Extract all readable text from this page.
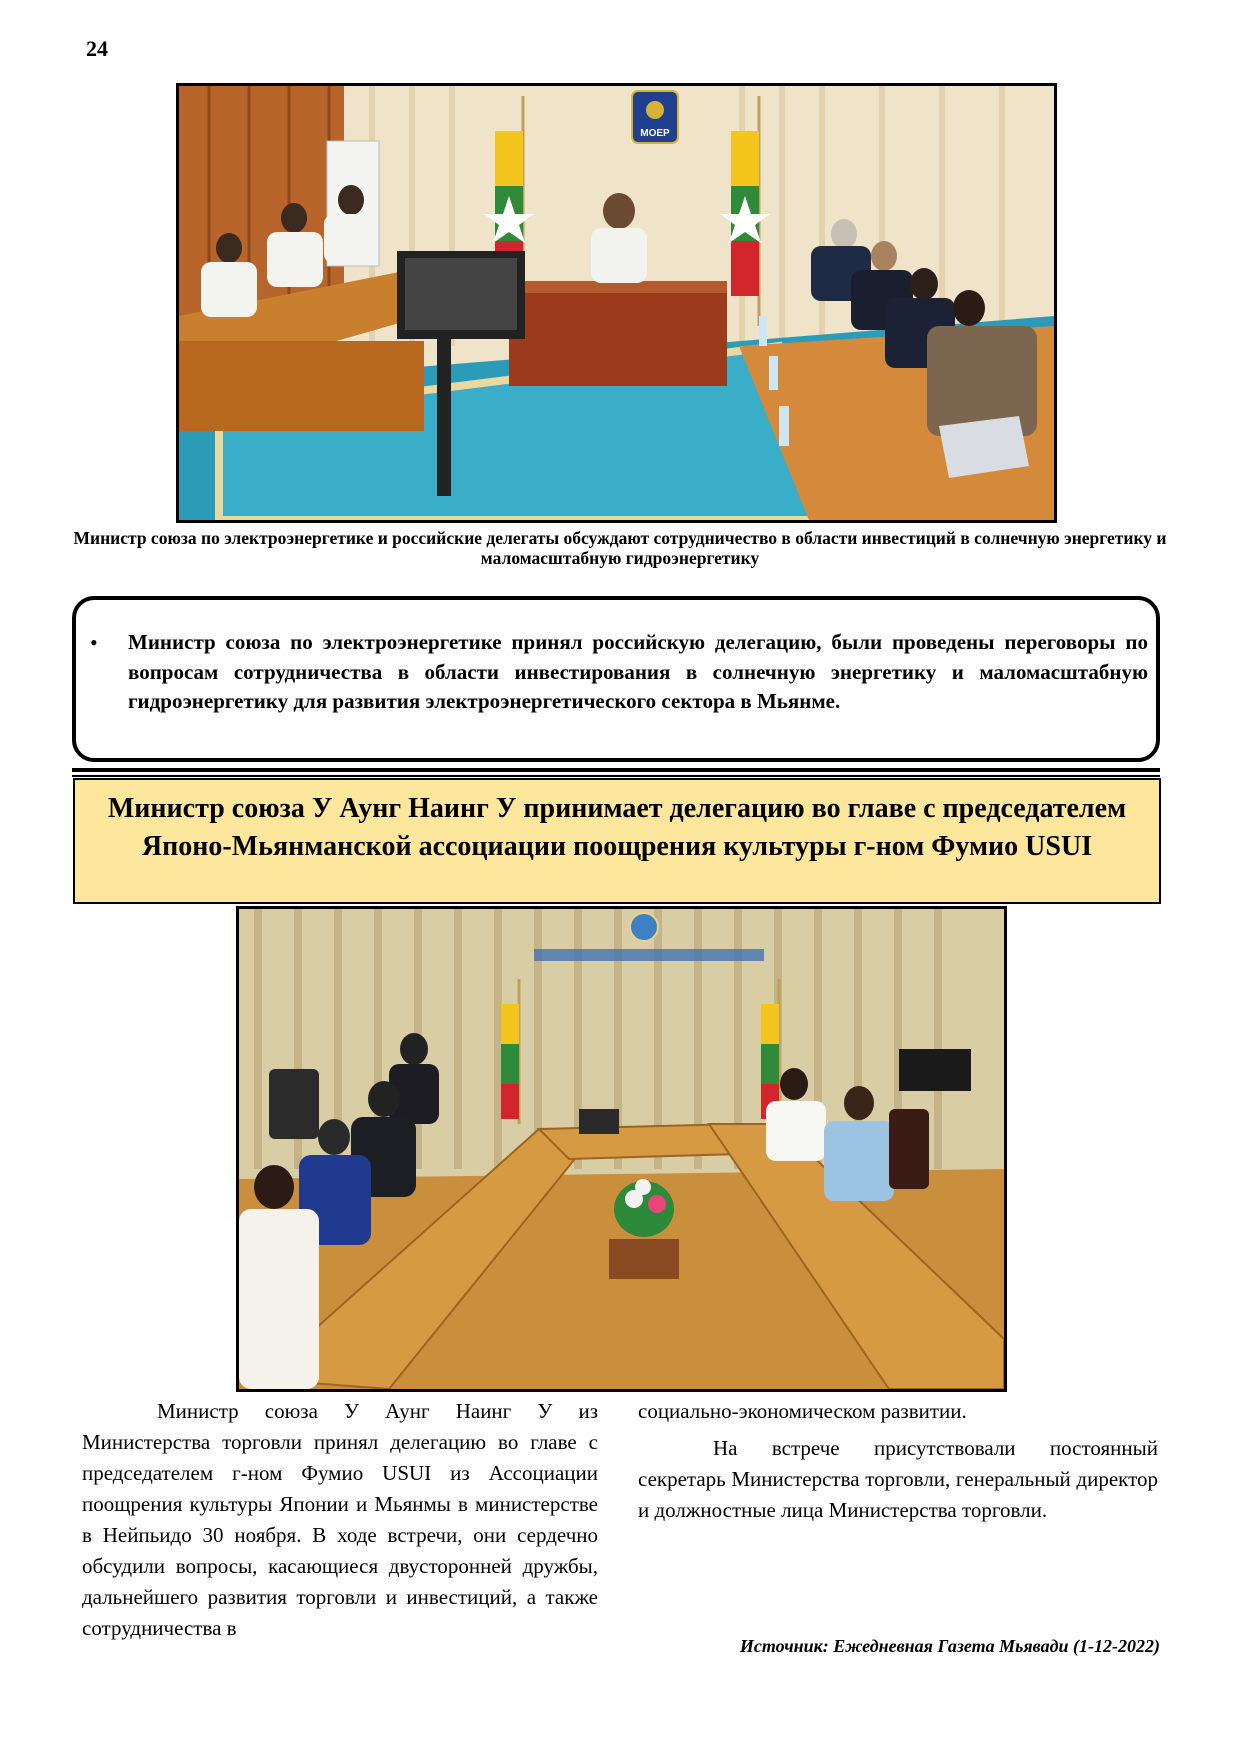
24
MOEP
Министр союза по электроэнергетике и российские делегаты обсуждают сотрудничество в области инвестиций в солнечную энергетику и маломасштабную гидроэнергетику
• Министр союза по электроэнергетике принял российскую делегацию, были проведены переговоры по вопросам сотрудничества в области инвестирования в солнечную энергетику и маломасштабную гидроэнергетику для развития электроэнергетического сектора в Мьянме.
Министр союза У Аунг Наинг У принимает делегацию во главе с председателем Японо-Мьянманской ассоциации поощрения культуры г-ном Фумио USUI
Министр союза У Аунг Наинг У из Министерства торговли принял делегацию во главе с председателем г-ном Фумио USUI из Ассоциации поощрения культуры Японии и Мьянмы в министерстве в Нейпьидо 30 ноября. В ходе встречи, они сердечно обсудили вопросы, касающиеся двусторонней дружбы, дальнейшего развития торговли и инвестиций, а также сотрудничества в
социально-экономическом развитии.
На встрече присутствовали постоянный секретарь Министерства торговли, генеральный директор и должностные лица Министерства торговли.
Источник: Ежедневная Газета Мьявади (1-12-2022)
